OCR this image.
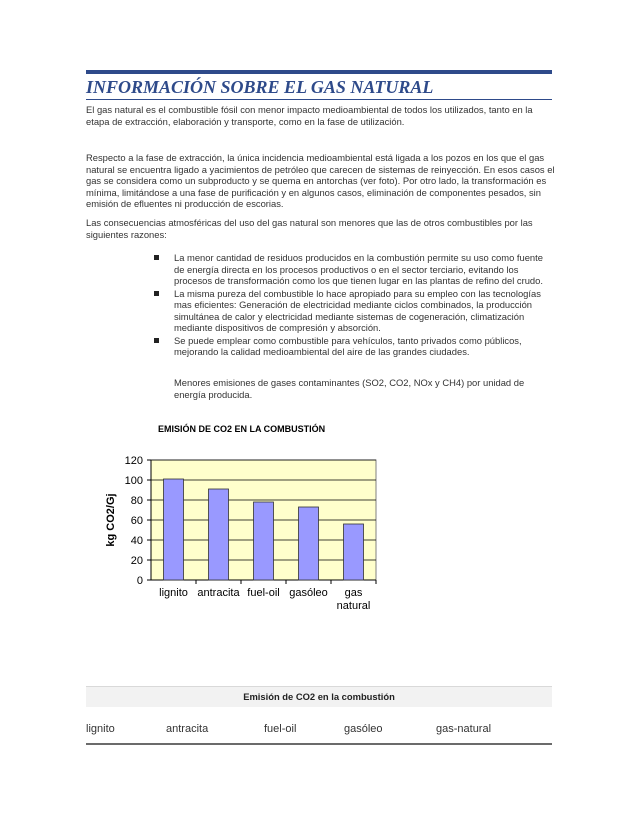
INFORMACIÓN SOBRE EL GAS NATURAL
El gas natural es el combustible fósil con menor impacto medioambiental de todos los utilizados, tanto en la etapa de extracción, elaboración y transporte, como en la fase de utilización.
Respecto a la fase de extracción, la única incidencia medioambiental está ligada a los pozos en los que el gas natural se encuentra ligado a yacimientos de petróleo que carecen de sistemas de reinyección. En esos casos el gas se considera como un subproducto y se quema en antorchas (ver foto). Por otro lado, la transformación es mínima, limitándose a una fase de purificación y en algunos casos, eliminación de componentes pesados, sin emisión de efluentes ni producción de escorias.
Las consecuencias atmosféricas del uso del gas natural son menores que las de otros combustibles por las siguientes razones:
La menor cantidad de residuos producidos en la combustión permite su uso como fuente de energía directa en los procesos productivos o en el sector terciario, evitando los procesos de transformación como los que tienen lugar en las plantas de refino del crudo.
La misma pureza del combustible lo hace apropiado para su empleo con las tecnologías mas eficientes: Generación de electricidad mediante ciclos combinados, la producción simultánea de calor y electricidad mediante sistemas de cogeneración, climatización mediante dispositivos de compresión y absorción.
Se puede emplear como combustible para vehículos, tanto privados como públicos, mejorando la calidad medioambiental del aire de las grandes ciudades.
Menores emisiones de gases contaminantes (SO2, CO2, NOx y CH4) por unidad de energía producida.
EMISIÓN DE CO2 EN LA COMBUSTIÓN
0
20
40
60
80
100
120
kg CO2/Gj
lignito antracita fuel-oil gasóleo gas
natural
Emisión de CO2 en la combustión
lignito	antracita	fuel-oil	gasóleo	gas-natural
